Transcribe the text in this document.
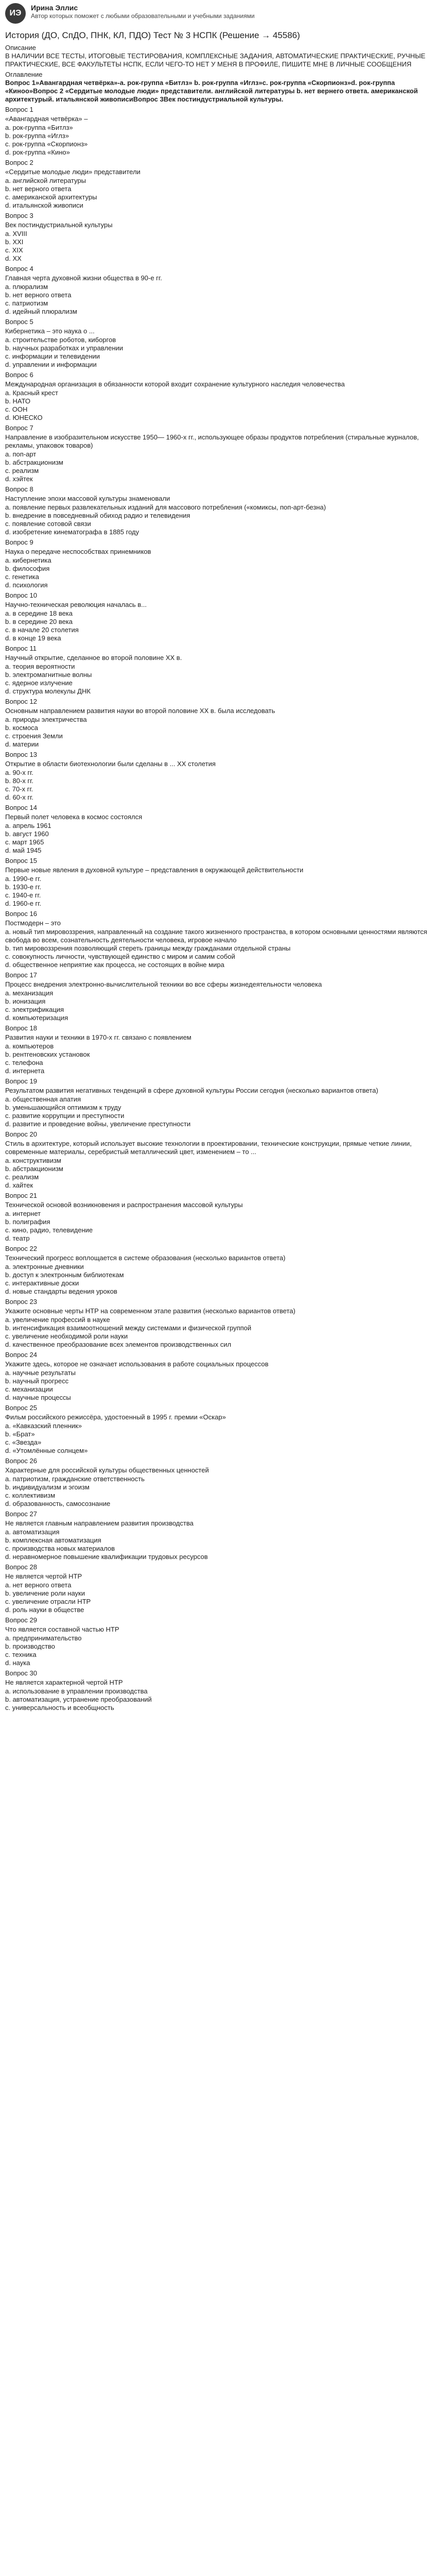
ИЭ
Ирина Эллис
Автор которых поможет с любыми образовательными и учебными заданиями
История (ДО, СпДО, ПНК, КЛ, ПДО) Тест № 3 НСПК (Решение → 45586)

Описание

В НАЛИЧИИ ВСЕ ТЕСТЫ, ИТОГОВЫЕ ТЕСТИРОВАНИЯ, КОМПЛЕКСНЫЕ ЗАДАНИЯ, АВТОМАТИЧЕСКИЕ ПРАКТИЧЕСКИЕ, РУЧНЫЕ ПРАКТИЧЕСКИЕ, ВСЕ ФАКУЛЬТЕТЫ НСПК, ЕСЛИ ЧЕГО-ТО НЕТ У МЕНЯ В ПРОФИЛЕ, ПИШИТЕ МНЕ В ЛИЧНЫЕ СООБЩЕНИЯ

Оглавление

Вопрос 1»Авангардная четвёрка»-а. рок-группа «Битлз» b. рок-группа «Иглз»с. рок-группа «Скорпионз»d. рок-группа «Киноо»Вопрос 2 «Сердитые молодые люди» представители. английской литературы b. нет вернего ответа. американской архитектурый. итальянской живописиВопрос 3Век постиндустриальной культуры.

Вопрос 1

«Авангардная четвёрка» –

a. рок-группа «Битлз»

b. рок-группа «Иглз»

c. рок-группа «Скорпионз»

d. рок-группа «Кино»

Вопрос 2

«Сердитые молодые люди» представители

a. английской литературы

b. нет верного ответа

c. американской архитектуры

d. итальянской живописи

Вопрос 3

Век постиндустриальной культуры

a. XVIII

b. XXI

c. XIX

d. XX

Вопрос 4

Главная черта духовной жизни общества в 90-е гг.

a. плюрализм

b. нет верного ответа

c. патриотизм

d. идейный плюрализм

Вопрос 5

Кибернетика – это наука о ...

a. строительстве роботов, киборгов

b. научных разработках и управлении

c. информации и телевидении

d. управлении и информации

Вопрос 6

Международная организация в обязанности которой входит сохранение культурного наследия человечества

a. Красный крест

b. НАТО

c. ООН

d. ЮНЕСКО

Вопрос 7

Направление в изобразительном искусстве 1950— 1960-х гг., использующее образы продуктов потребления (стиральные журналов, рекламы, упаковок товаров)

a. поп-арт

b. абстракционизм

c. реализм

d. хэйтек

Вопрос 8

Наступление эпохи массовой культуры знаменовали

a. появление первых развлекательных изданий для массового потребления («комиксы, поп-арт-безна)

b. внедрение в повседневный обиход радио и телевидения

c. появление сотовой связи

d. изобретение кинематографа в 1885 году

Вопрос 9

Наука о передаче неспособствах принемников

a. кибернетика

b. философия

c. генетика

d. психология

Вопрос 10

Научно-техническая революция началась в...

a. в середине 18 века

b. в середине 20 века

c. в начале 20 столетия

d. в конце 19 века

Вопрос 11

Научный открытие, сделанное во второй половине XX в.

a. теория вероятности

b. электромагнитные волны

c. ядерное излучение

d. структура молекулы ДНК

Вопрос 12

Основным направлением развития науки во второй половине XX в. была исследовать

a. природы электричества

b. космоса

c. строения Земли

d. материи

Вопрос 13

Открытие в области биотехнологии были сделаны в ... XX столетия

a. 90-х гг.

b. 80-х гг.

c. 70-х гг.

d. 60-х гг.

Вопрос 14

Первый полет человека в космос состоялся

a. апрель 1961

b. август 1960

c. март 1965

d. май 1945

Вопрос 15

Первые новые явления в духовной культуре – представления в окружающей действительности

a. 1990-е гг.

b. 1930-е гг.

c. 1940-е гг.

d. 1960-е гг.

Вопрос 16

Постмодерн – это

a. новый тип мировоззрения, направленный на создание такого жизненного пространства, в котором основными ценностями являются свобода во всем, сознательность деятельности человека, игровое начало

b. тип мировоззрения позволяющий стереть границы между гражданами отдельной страны

c. совокупность личности, чувствующей единство с миром и самим собой

d. общественное неприятие как процесса, не состоящих в войне мира

Вопрос 17

Процесс внедрения электронно-вычислительной техники во все сферы жизнедеятельности человека

a. механизация

b. ионизация

c. электрификация

d. компьютеризация

Вопрос 18

Развития науки и техники в 1970-х гг. связано с появлением

a. компьютеров

b. рентгеновских установок

c. телефона

d. интернета

Вопрос 19

Результатом развития негативных тенденций в сфере духовной культуры России сегодня (несколько вариантов ответа)

a. общественная апатия

b. уменьшающийся оптимизм к труду

c. развитие коррупции и преступности

d. развитие и проведение войны, увеличение преступности

Вопрос 20

Стиль в архитектуре, который использует высокие технологии в проектировании, технические конструкции, прямые четкие линии, современные материалы, серебристый металлический цвет, изменением – то ...

a. конструктивизм

b. абстракционизм

c. реализм

d. хайтек

Вопрос 21

Технической основой возникновения и распространения массовой культуры

a. интернет

b. полиграфия

c. кино, радио, телевидение

d. театр

Вопрос 22

Технический прогресс воплощается в системе образования (несколько вариантов ответа)

a. электронные дневники

b. доступ к электронным библиотекам

c. интерактивные доски

d. новые стандарты ведения уроков

Вопрос 23

Укажите основные черты НТР на современном этапе развития (несколько вариантов ответа)

a. увеличение профессий в науке

b. интенсификация взаимоотношений между системами и физической группой

c. увеличение необходимой роли науки

d. качественное преобразование всех элементов производственных сил

Вопрос 24

Укажите здесь, которое не означает использования в работе социальных процессов

a. научные результаты

b. научный прогресс

c. механизации

d. научные процессы

Вопрос 25

Фильм российского режиссёра, удостоенный в 1995 г. премии «Оскар»

a. «Кавказский пленник»

b. «Брат»

c. «Звезда»

d. «Утомлённые солнцем»

Вопрос 26

Характерные для российской культуры общественных ценностей

a. патриотизм, гражданские ответственность

b. индивидуализм и эгоизм

c. коллективизм

d. образованность, самосознание

Вопрос 27

Не является главным направлением развития производства

a. автоматизация

b. комплексная автоматизация

c. производства новых материалов

d. неравномерное повышение квалификации трудовых ресурсов

Вопрос 28

Не является чертой НТР

a. нет верного ответа

b. увеличение роли науки

c. увеличение отрасли НТР

d. роль науки в обществе

Вопрос 29

Что является составной частью НТР

a. предпринимательство

b. производство

c. техника

d. наука

Вопрос 30

Не является характерной чертой НТР

a. использование в управлении производства

b. автоматизация, устранение преобразований

c. универсальность и всеобщность
